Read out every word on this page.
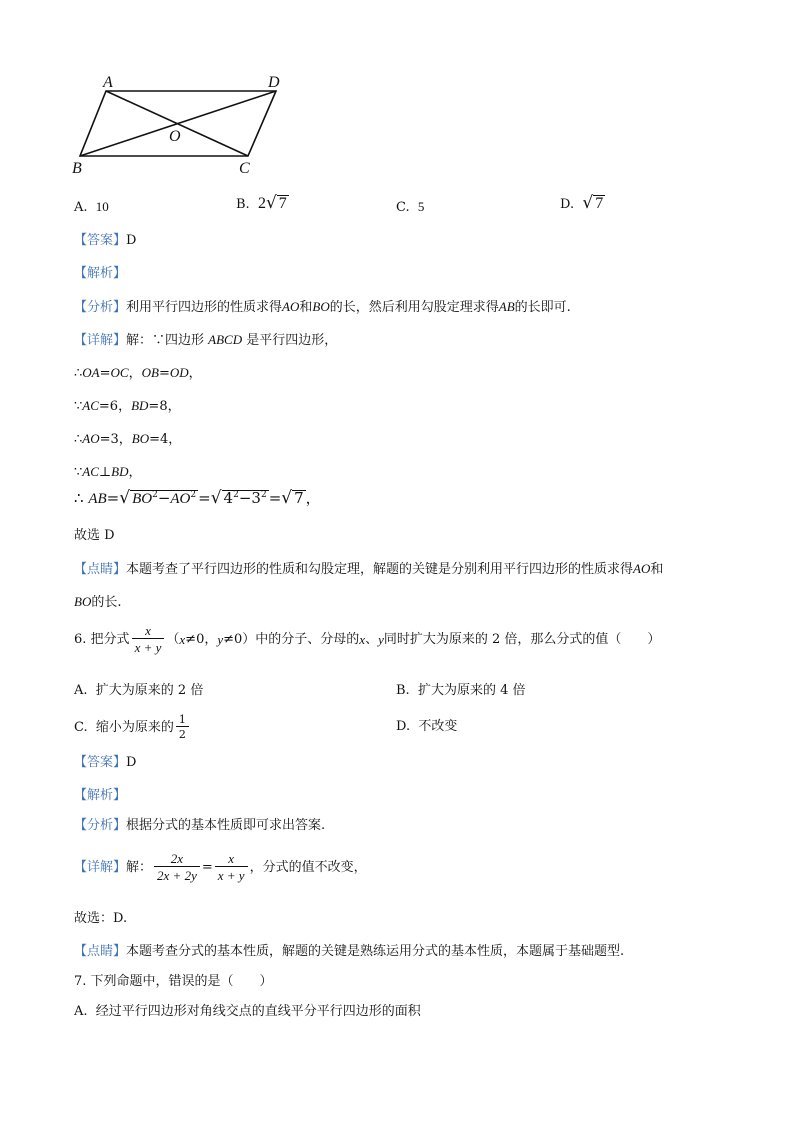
A	D
O
B	C
A. 10	B. 2√ 7	C. 5	D. √ 7
【答案】D
【解析】
【分析】利用平行四边形的性质求得AO和BO的长，然后利用勾股定理求得AB的长即可.
【详解】解：∵四边形 ABCD 是平行四边形，
∴OA=OC，OB=OD，
∵AC=6，BD=8，
∴AO=3，BO=4，
∵AC⊥BD，
∴ AB=√ $BO^2-AO^2$ =√ $4^2-3^2$ =√ 7 ，
故选 D
【点睛】本题考查了平行四边形的性质和勾股定理，解题的关键是分别利用平行四边形的性质求得AO和
BO的长.
6.
把分式 $\frac{x}{x + y}$ （ x ≠0， y ≠0）中的分子、分母的 x 、 y 同时扩大为原来的 2 倍，那么分式的值（　　）
A. 扩大为原来的 2 倍	B. 扩大为原来的 4 倍
C.
缩小为原来的 $\frac{1}{2}$	D. 不改变
【答案】D
【解析】
【分析】根据分式的基本性质即可求出答案.
【详解】 解： $\frac{2x}{2x + 2y} = \frac{x}{x + y}$ ，分式的值不改变，
故选：D.
【点睛】本题考查分式的基本性质，解题的关键是熟练运用分式的基本性质，本题属于基础题型.
7. 下列命题中，错误的是（　　）
A. 经过平行四边形对角线交点的直线平分平行四边形的面积
